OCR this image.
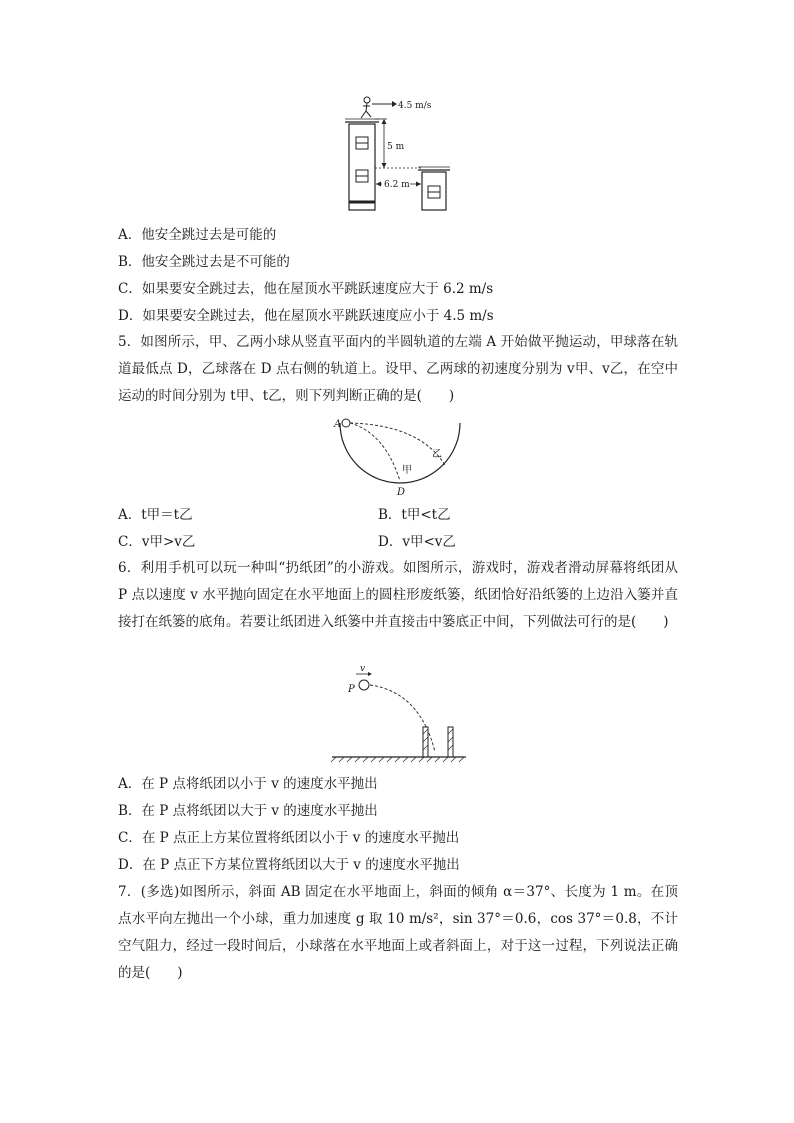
4.5 m/s
5 m
6.2 m
A．他安全跳过去是可能的
B．他安全跳过去是不可能的
C．如果要安全跳过去，他在屋顶水平跳跃速度应大于 6.2 m/s
D．如果要安全跳过去，他在屋顶水平跳跃速度应小于 4.5 m/s
5．如图所示，甲、乙两小球从竖直平面内的半圆轨道的左端 A 开始做平抛运动，甲球落在轨道最低点 D，乙球落在 D 点右侧的轨道上。设甲、乙两球的初速度分别为 v甲、v乙，在空中运动的时间分别为 t甲、t乙，则下列判断正确的是(　　)
A
乙
甲
D
A．t甲＝t乙	B．t甲<t乙
C．v甲>v乙	D．v甲<v乙
6．利用手机可以玩一种叫“扔纸团”的小游戏。如图所示，游戏时，游戏者滑动屏幕将纸团从 P 点以速度 v 水平抛向固定在水平地面上的圆柱形废纸篓，纸团恰好沿纸篓的上边沿入篓并直接打在纸篓的底角。若要让纸团进入纸篓中并直接击中篓底正中间，下列做法可行的是(　　)
v
P
A．在 P 点将纸团以小于 v 的速度水平抛出
B．在 P 点将纸团以大于 v 的速度水平抛出
C．在 P 点正上方某位置将纸团以小于 v 的速度水平抛出
D．在 P 点正下方某位置将纸团以大于 v 的速度水平抛出
7．(多选)如图所示，斜面 AB 固定在水平地面上，斜面的倾角 α＝37°、长度为 1 m。在顶点水平向左抛出一个小球，重力加速度 g 取 10 m/s²，sin 37°＝0.6，cos 37°＝0.8，不计空气阻力，经过一段时间后，小球落在水平地面上或者斜面上，对于这一过程，下列说法正确的是(　　)
